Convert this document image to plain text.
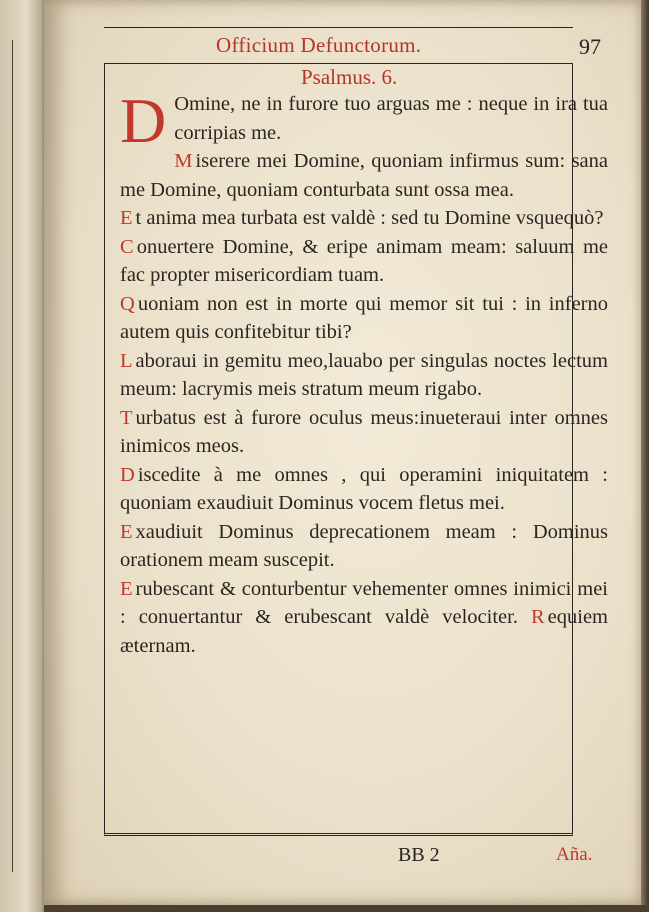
Officium Defunctorum.	97
Psalmus. 6.

D Omine, ne in furore tuo arguas me : neque in ira tua corripias me.

M iserere mei Domine, quoniam infirmus sum: sana me Domine, quoniam conturbata sunt ossa mea.

E t anima mea turbata est valdè : sed tu Domine vsquequò?

C onuertere Domine, & eripe animam meam: saluum me fac propter misericordiam tuam.

Q uoniam non est in morte qui memor sit tui : in inferno autem quis confitebitur tibi?

L aboraui in gemitu meo,lauabo per singulas noctes lectum meum: lacrymis meis stratum meum rigabo.

T urbatus est à furore oculus meus:inueteraui inter omnes inimicos meos.

D iscedite à me omnes , qui operamini iniquitatem : quoniam exaudiuit Dominus vocem fletus mei.

E xaudiuit Dominus deprecationem meam : Dominus orationem meam suscepit.

E rubescant & conturbentur vehementer omnes inimici mei : conuertantur & erubescant valdè velociter. R equiem æternam.

BB 2	Aña.
